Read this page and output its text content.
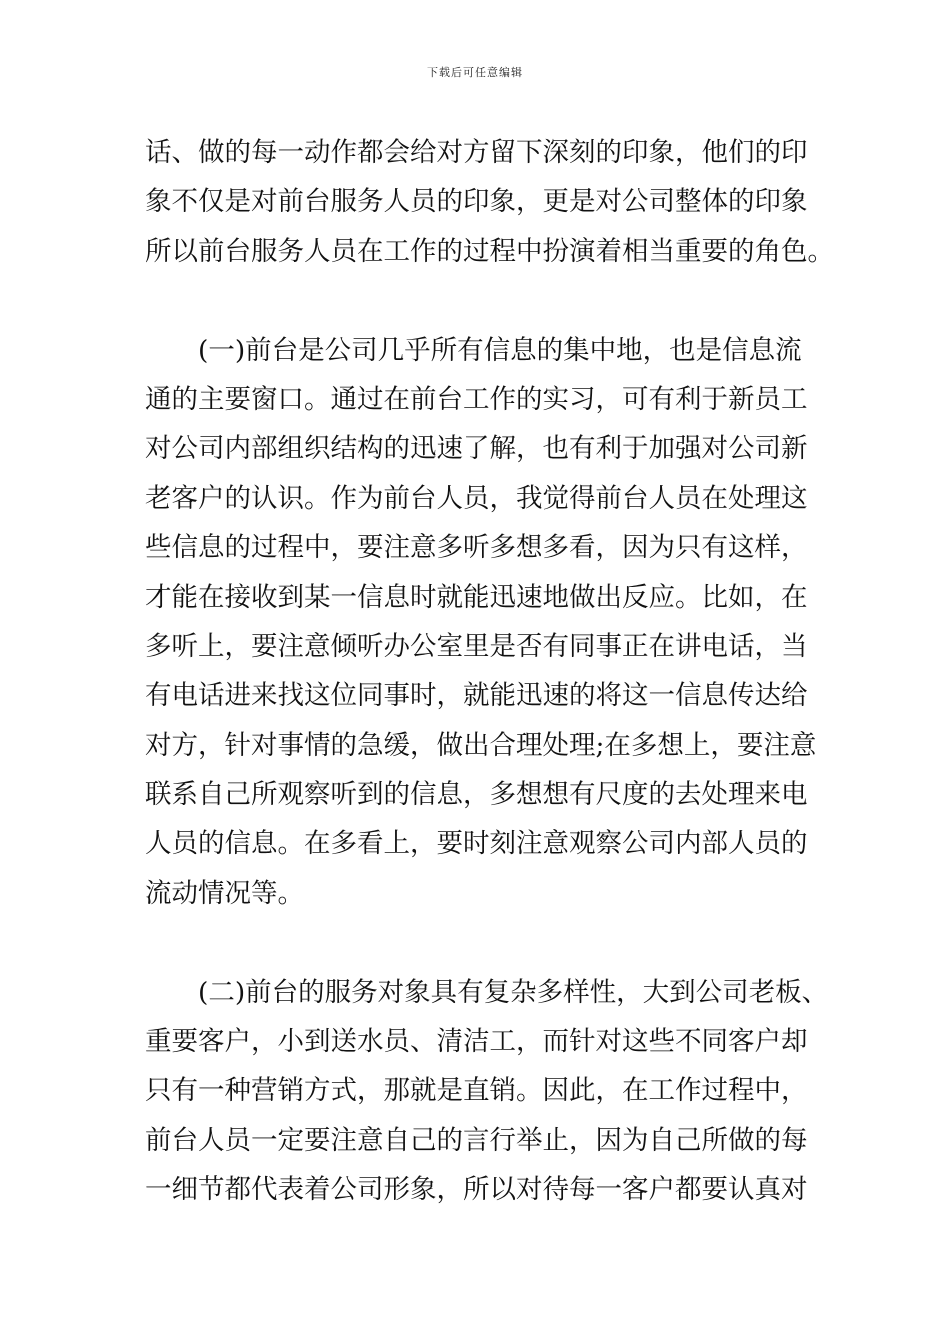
下载后可任意编辑
话、做的每一动作都会给对方留下深刻的印象，他们的印
象不仅是对前台服务人员的印象，更是对公司整体的印象
所以前台服务人员在工作的过程中扮演着相当重要的角色。
(一)前台是公司几乎所有信息的集中地，也是信息流
通的主要窗口。通过在前台工作的实习，可有利于新员工
对公司内部组织结构的迅速了解，也有利于加强对公司新
老客户的认识。作为前台人员，我觉得前台人员在处理这
些信息的过程中，要注意多听多想多看，因为只有这样，
才能在接收到某一信息时就能迅速地做出反应。比如，在
多听上，要注意倾听办公室里是否有同事正在讲电话，当
有电话进来找这位同事时，就能迅速的将这一信息传达给
对方，针对事情的急缓，做出合理处理;在多想上，要注意
联系自己所观察听到的信息，多想想有尺度的去处理来电
人员的信息。在多看上，要时刻注意观察公司内部人员的
流动情况等。
(二)前台的服务对象具有复杂多样性，大到公司老板、
重要客户，小到送水员、清洁工，而针对这些不同客户却
只有一种营销方式，那就是直销。因此，在工作过程中，
前台人员一定要注意自己的言行举止，因为自己所做的每
一细节都代表着公司形象，所以对待每一客户都要认真对
